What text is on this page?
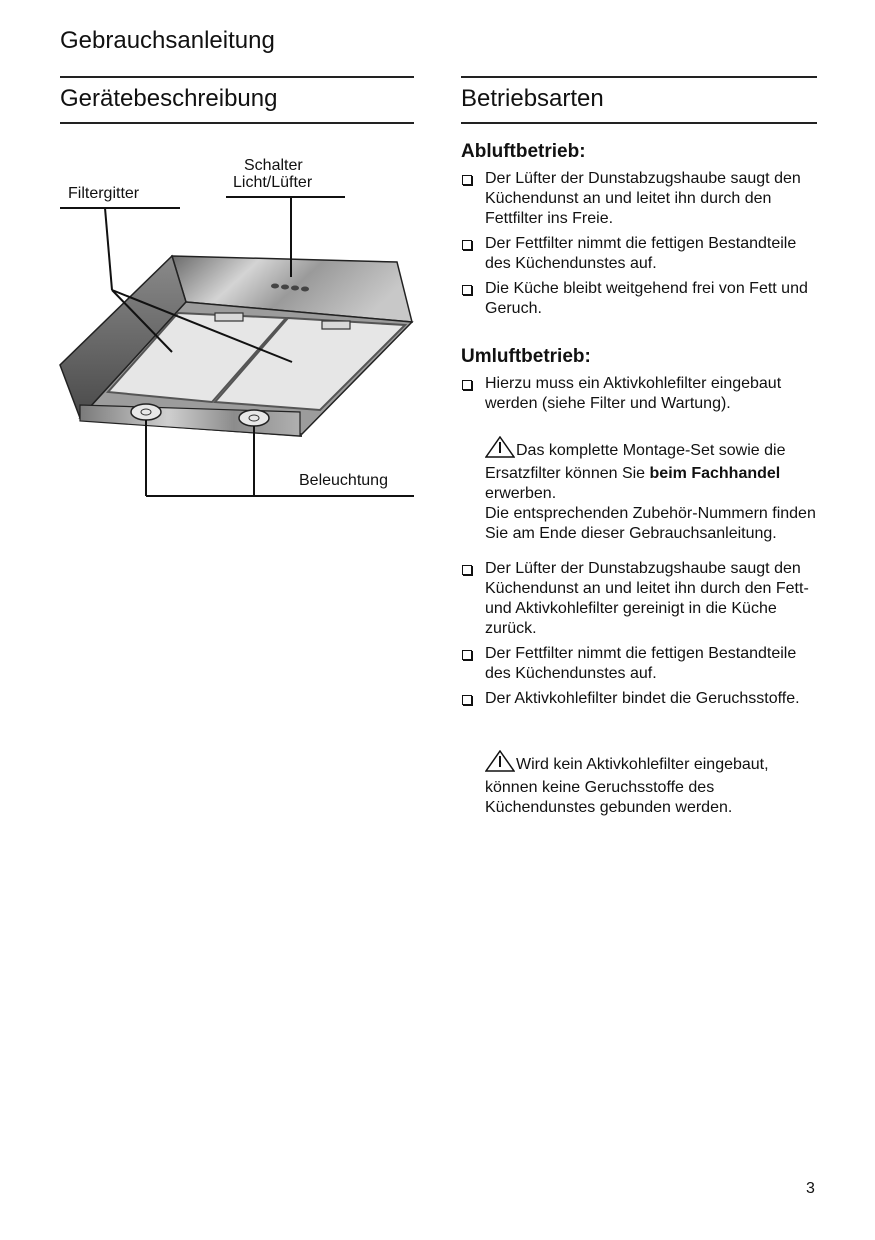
Gebrauchsanleitung
Gerätebeschreibung
Filtergitter
Schalter
Licht/Lüfter
Beleuchtung
Betriebsarten
Abluftbetrieb:
Der Lüfter der Dunstabzugshaube saugt den Küchendunst an und leitet ihn durch den Fettfilter ins Freie.
Der Fettfilter nimmt die fettigen Bestandteile des Küchendunstes auf.
Die Küche bleibt weitgehend frei von Fett und Geruch.
Umluftbetrieb:
Hierzu muss ein Aktivkohlefilter eingebaut werden (siehe Filter und Wartung).
Das komplette Montage-Set sowie die Ersatzfilter können Sie beim Fachhandel erwerben.
Die entsprechenden Zubehör-Nummern finden Sie am Ende dieser Gebrauchsanleitung.
Der Lüfter der Dunstabzugshaube saugt den Küchendunst an und leitet ihn durch den Fett- und Aktivkohlefilter gereinigt in die Küche zurück.
Der Fettfilter nimmt die fettigen Bestandteile des Küchendunstes auf.
Der Aktivkohlefilter bindet die Geruchsstoffe.
Wird kein Aktivkohlefilter eingebaut, können keine Geruchsstoffe des Küchendunstes gebunden werden.
3
